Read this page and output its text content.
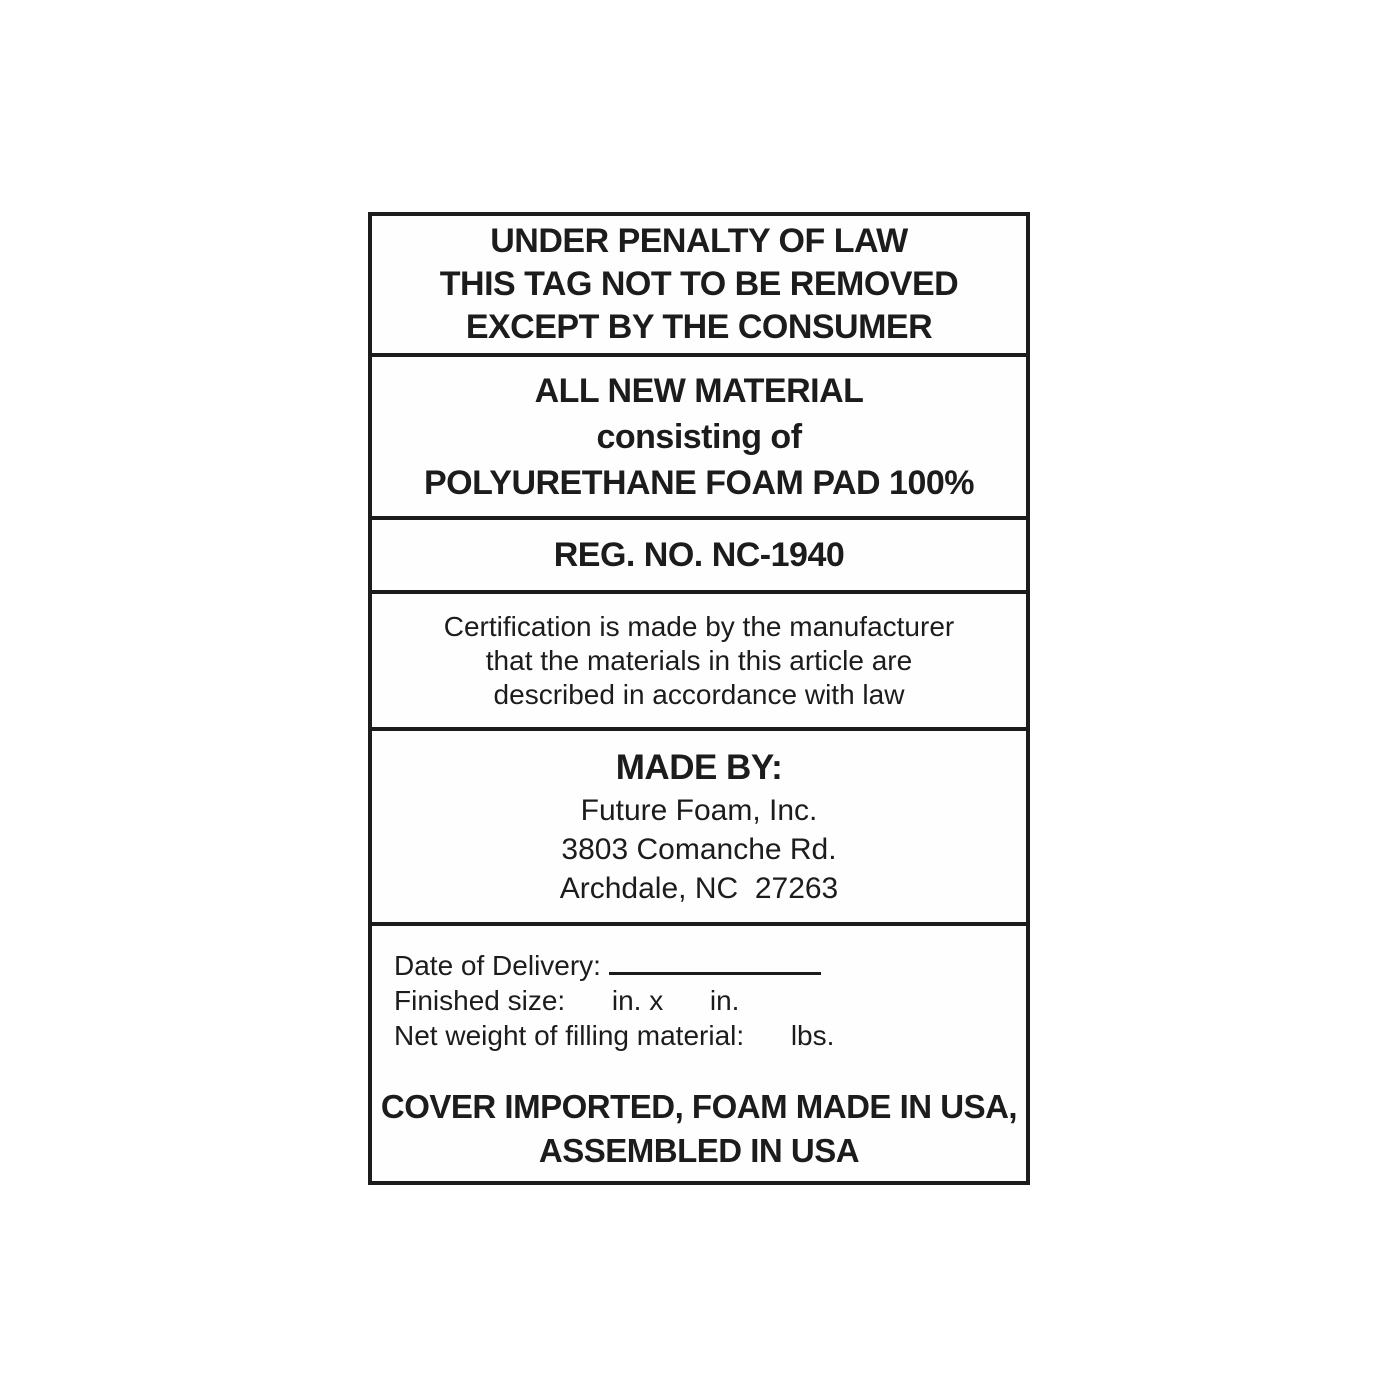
UNDER PENALTY OF LAW
THIS TAG NOT TO BE REMOVED
EXCEPT BY THE CONSUMER
ALL NEW MATERIAL
consisting of
POLYURETHANE FOAM PAD 100%
REG. NO. NC-1940
Certification is made by the manufacturer
that the materials in this article are
described in accordance with law
MADE BY:
Future Foam, Inc.
3803 Comanche Rd.
Archdale, NC  27263
Date of Delivery:
Finished size:      in. x      in.
Net weight of filling material:      lbs.
COVER IMPORTED, FOAM MADE IN USA,
ASSEMBLED IN USA
